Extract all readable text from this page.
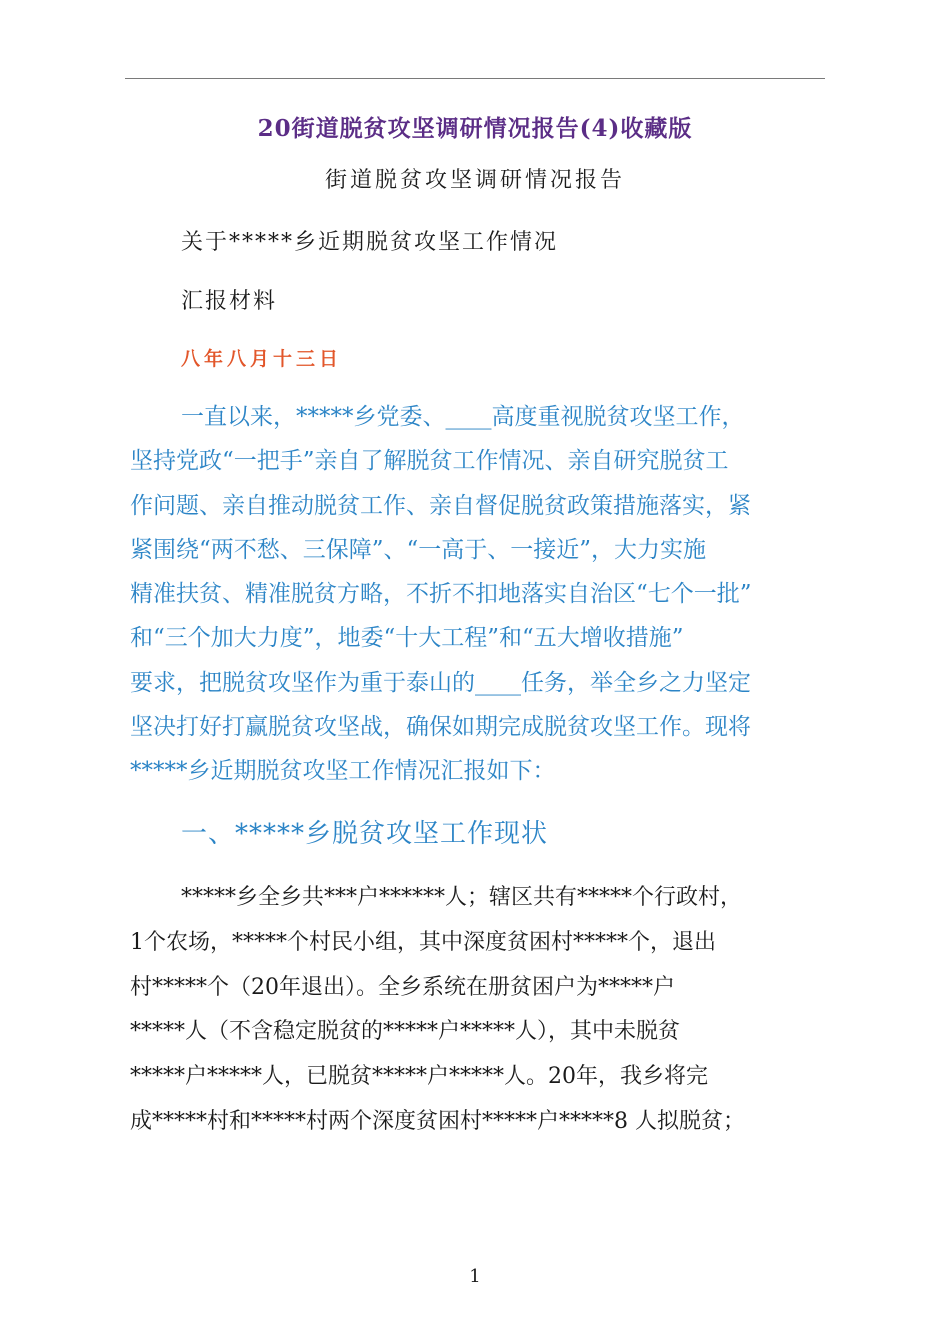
20街道脱贫攻坚调研情况报告(4)收藏版
街道脱贫攻坚调研情况报告
关于*****乡近期脱贫攻坚工作情况
汇报材料
八年八月十三日
一直以来，*****乡党委、____高度重视脱贫攻坚工作，
坚持党政“一把手”亲自了解脱贫工作情况、亲自研究脱贫工
作问题、亲自推动脱贫工作、亲自督促脱贫政策措施落实，紧
紧围绕“两不愁、三保障”、“一高于、一接近”，大力实施
精准扶贫、精准脱贫方略，不折不扣地落实自治区“七个一批”
和“三个加大力度”，地委“十大工程”和“五大增收措施”
要求，把脱贫攻坚作为重于泰山的____任务，举全乡之力坚定
坚决打好打赢脱贫攻坚战，确保如期完成脱贫攻坚工作。现将
*****乡近期脱贫攻坚工作情况汇报如下：
一、*****乡脱贫攻坚工作现状
*****乡全乡共***户******人；辖区共有*****个行政村，
1个农场，*****个村民小组，其中深度贫困村*****个，退出
村*****个（20年退出）。全乡系统在册贫困户为*****户
*****人（不含稳定脱贫的*****户*****人），其中未脱贫
*****户*****人，已脱贫*****户*****人。20年，我乡将完
成*****村和*****村两个深度贫困村*****户*****8 人拟脱贫；
1
